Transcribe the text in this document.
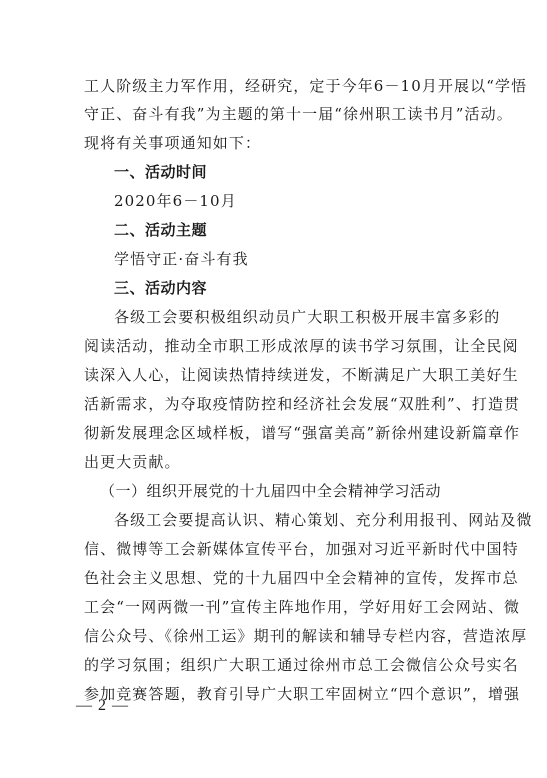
工人阶级主力军作用，经研究，定于今年6－10月开展以“学悟
守正、奋斗有我”为主题的第十一届“徐州职工读书月”活动。
现将有关事项通知如下：
一、活动时间
2020年6－10月
二、活动主题
学悟守正·奋斗有我
三、活动内容
各级工会要积极组织动员广大职工积极开展丰富多彩的
阅读活动，推动全市职工形成浓厚的读书学习氛围，让全民阅
读深入人心，让阅读热情持续迸发，不断满足广大职工美好生
活新需求，为夺取疫情防控和经济社会发展“双胜利”、打造贯
彻新发展理念区域样板，谱写“强富美高”新徐州建设新篇章作
出更大贡献。
（一）组织开展党的十九届四中全会精神学习活动
各级工会要提高认识、精心策划、充分利用报刊、网站及微
信、微博等工会新媒体宣传平台，加强对习近平新时代中国特
色社会主义思想、党的十九届四中全会精神的宣传，发挥市总
工会“一网两微一刊”宣传主阵地作用，学好用好工会网站、微
信公众号、《徐州工运》期刊的解读和辅导专栏内容，营造浓厚
的学习氛围；组织广大职工通过徐州市总工会微信公众号实名
参加竞赛答题，教育引导广大职工牢固树立“四个意识”，增强
— 2 —
